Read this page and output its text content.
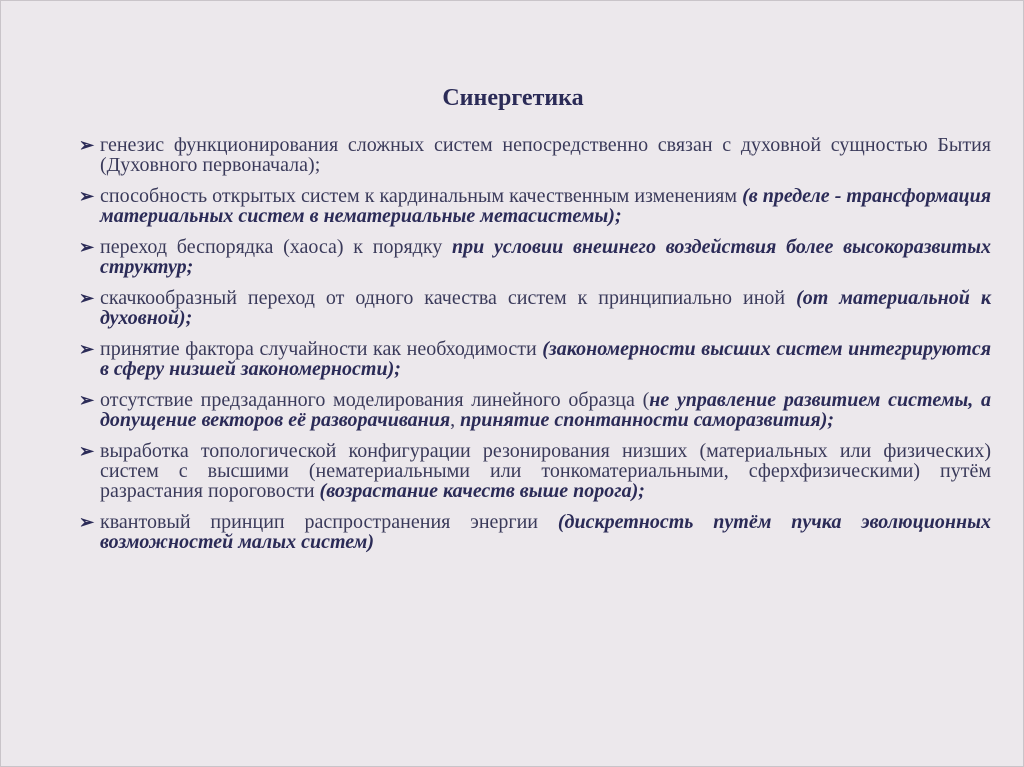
Синергетика
➢ генезис функционирования сложных систем непосредственно связан с духовной сущностью Бытия (Духовного первоначала);
➢ способность открытых систем к кардинальным качественным изменениям (в пределе - трансформация материальных систем в нематериальные метасистемы);
➢ переход беспорядка (хаоса) к порядку при условии внешнего воздействия более высокоразвитых структур;
➢ скачкообразный переход от одного качества систем к принципиально иной (от материальной к духовной);
➢ принятие фактора случайности как необходимости (закономерности высших систем интегрируются в сферу низшей закономерности);
➢ отсутствие предзаданного моделирования линейного образца (не управление развитием системы, а допущение векторов её разворачивания, принятие спонтанности саморазвития);
➢ выработка топологической конфигурации резонирования низших (материальных или физических) систем с высшими (нематериальными или тонкоматериальными, сферхфизическими) путём разрастания пороговости (возрастание качеств выше порога);
➢ квантовый принцип распространения энергии (дискретность путём пучка эволюционных возможностей малых систем)
